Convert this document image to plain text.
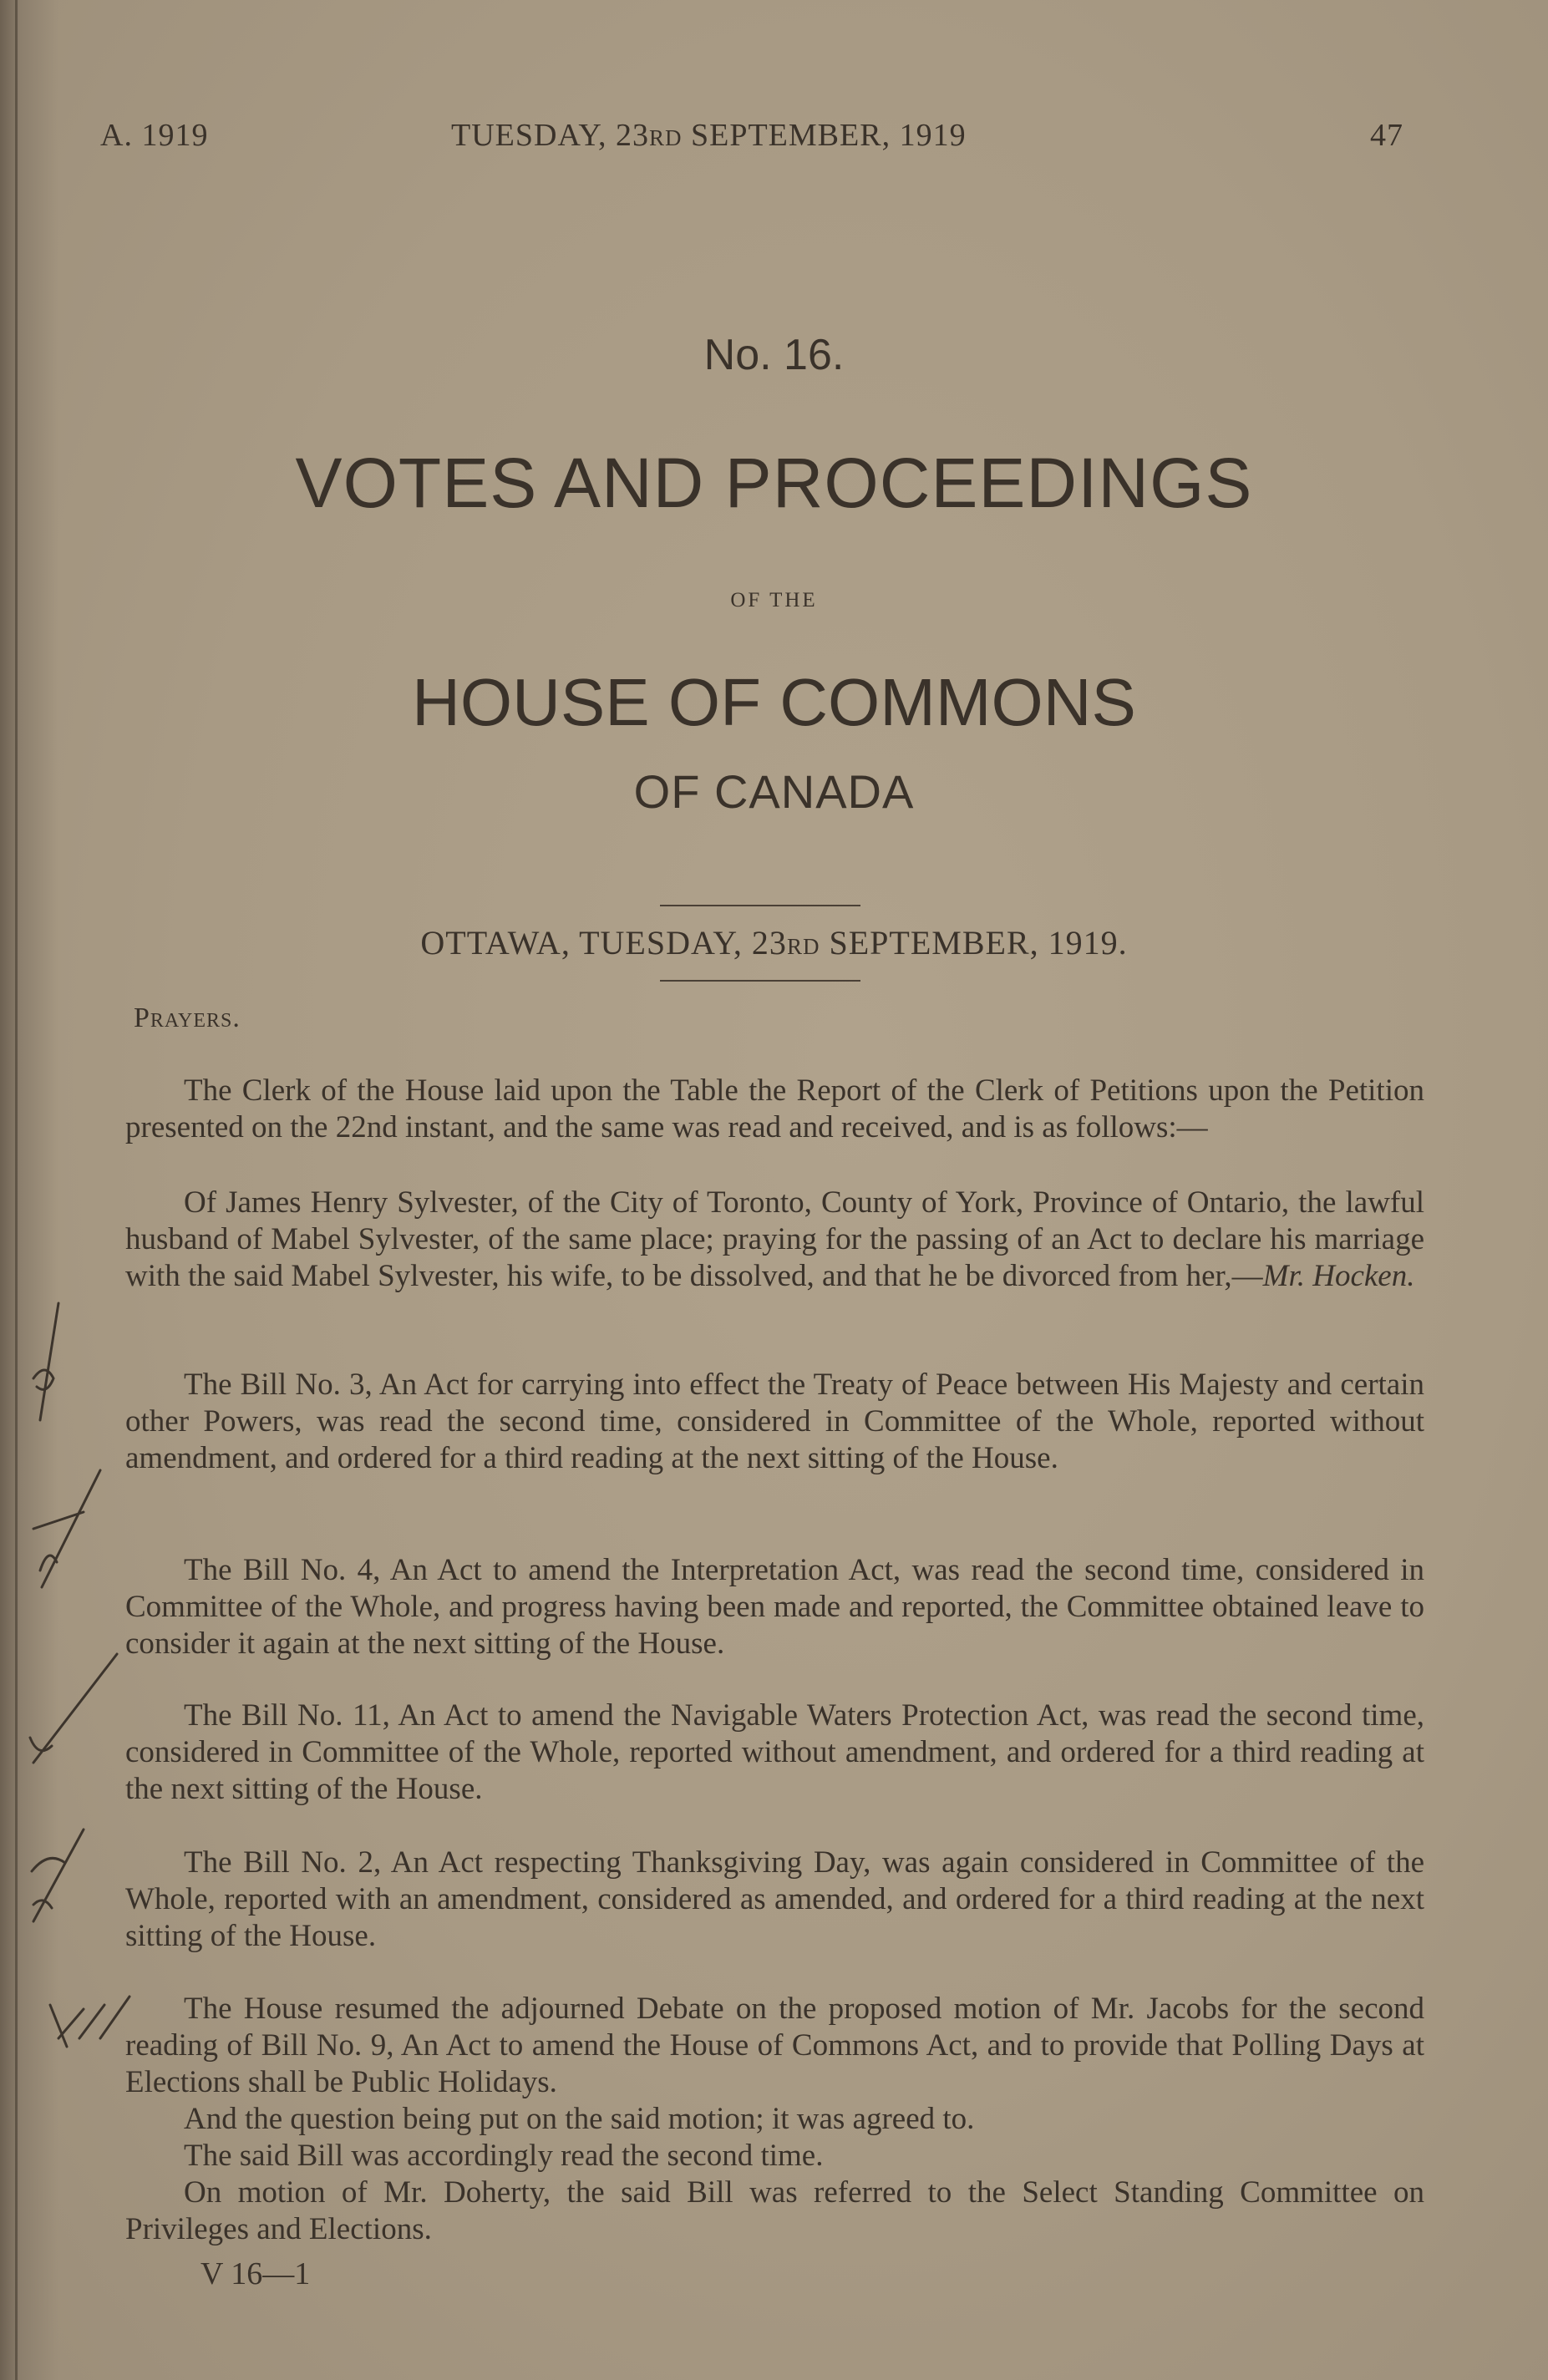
A. 1919	TUESDAY, 23RD SEPTEMBER, 1919	47
No. 16.
VOTES AND PROCEEDINGS
OF THE
HOUSE OF COMMONS
OF CANADA
OTTAWA, TUESDAY, 23RD SEPTEMBER, 1919.
Prayers.
The Clerk of the House laid upon the Table the Report of the Clerk of Petitions upon the Petition presented on the 22nd instant, and the same was read and received, and is as follows:—
Of James Henry Sylvester, of the City of Toronto, County of York, Province of Ontario, the lawful husband of Mabel Sylvester, of the same place; praying for the passing of an Act to declare his marriage with the said Mabel Sylvester, his wife, to be dissolved, and that he be divorced from her,—Mr. Hocken.
The Bill No. 3, An Act for carrying into effect the Treaty of Peace between His Majesty and certain other Powers, was read the second time, considered in Committee of the Whole, reported without amendment, and ordered for a third reading at the next sitting of the House.
The Bill No. 4, An Act to amend the Interpretation Act, was read the second time, considered in Committee of the Whole, and progress having been made and reported, the Committee obtained leave to consider it again at the next sitting of the House.
The Bill No. 11, An Act to amend the Navigable Waters Protection Act, was read the second time, considered in Committee of the Whole, reported without amendment, and ordered for a third reading at the next sitting of the House.
The Bill No. 2, An Act respecting Thanksgiving Day, was again considered in Committee of the Whole, reported with an amendment, considered as amended, and ordered for a third reading at the next sitting of the House.
The House resumed the adjourned Debate on the proposed motion of Mr. Jacobs for the second reading of Bill No. 9, An Act to amend the House of Commons Act, and to provide that Polling Days at Elections shall be Public Holidays.
And the question being put on the said motion; it was agreed to.
The said Bill was accordingly read the second time.
On motion of Mr. Doherty, the said Bill was referred to the Select Standing Committee on Privileges and Elections.
V 16—1
